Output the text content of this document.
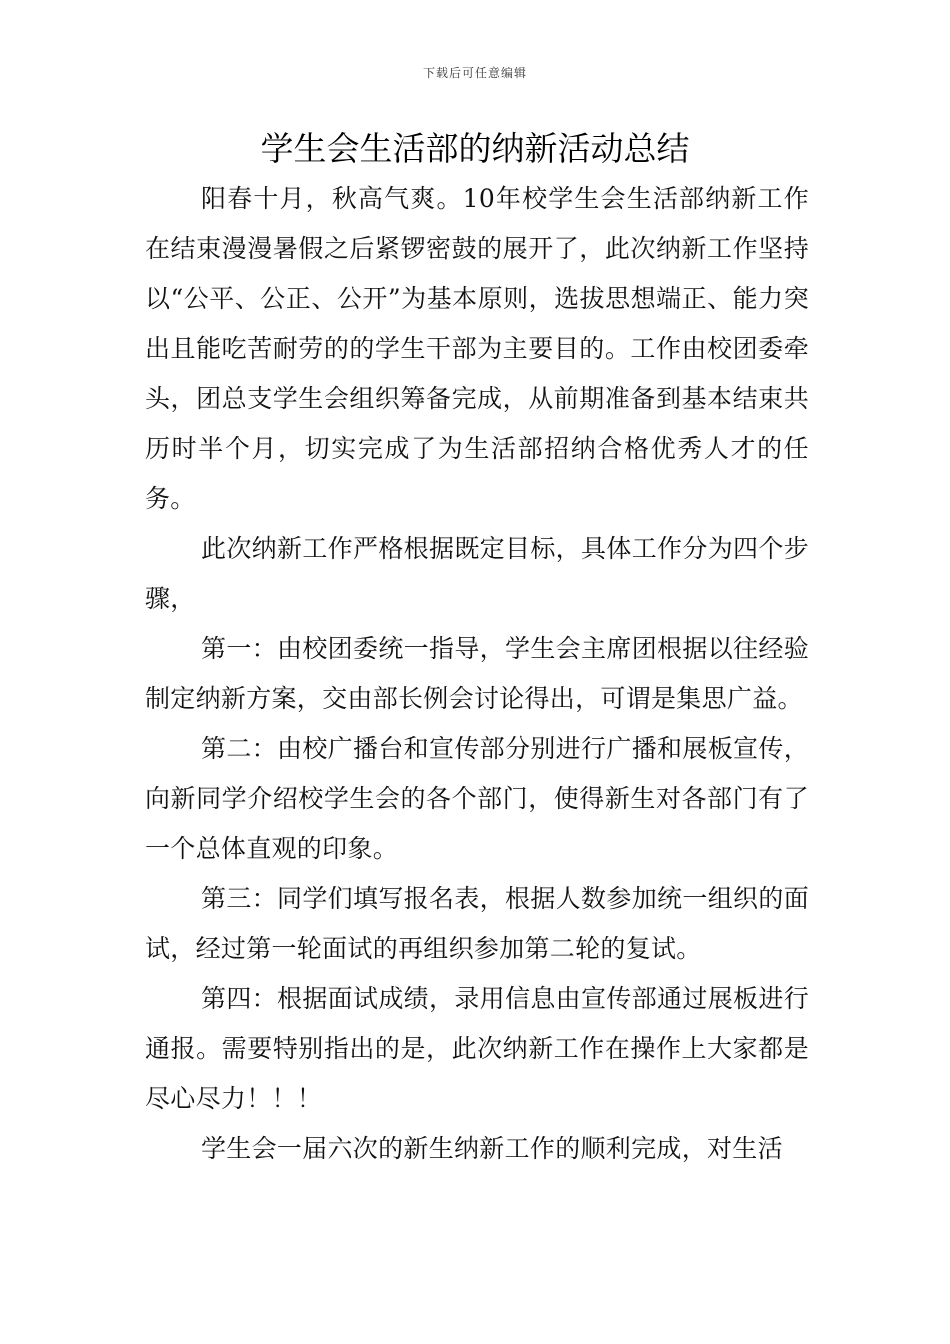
下载后可任意编辑
学生会生活部的纳新活动总结

阳春十月，秋高气爽。10年校学生会生活部纳新工作在结束漫漫暑假之后紧锣密鼓的展开了，此次纳新工作坚持以“公平、公正、公开”为基本原则，选拔思想端正、能力突出且能吃苦耐劳的的学生干部为主要目的。工作由校团委牵头，团总支学生会组织筹备完成，从前期准备到基本结束共历时半个月，切实完成了为生活部招纳合格优秀人才的任务。

此次纳新工作严格根据既定目标，具体工作分为四个步骤，

第一：由校团委统一指导，学生会主席团根据以往经验制定纳新方案，交由部长例会讨论得出，可谓是集思广益。

第二：由校广播台和宣传部分别进行广播和展板宣传，向新同学介绍校学生会的各个部门，使得新生对各部门有了一个总体直观的印象。

第三：同学们填写报名表，根据人数参加统一组织的面试，经过第一轮面试的再组织参加第二轮的复试。

第四：根据面试成绩，录用信息由宣传部通过展板进行通报。需要特别指出的是，此次纳新工作在操作上大家都是尽心尽力！！！

学生会一届六次的新生纳新工作的顺利完成，对生活
